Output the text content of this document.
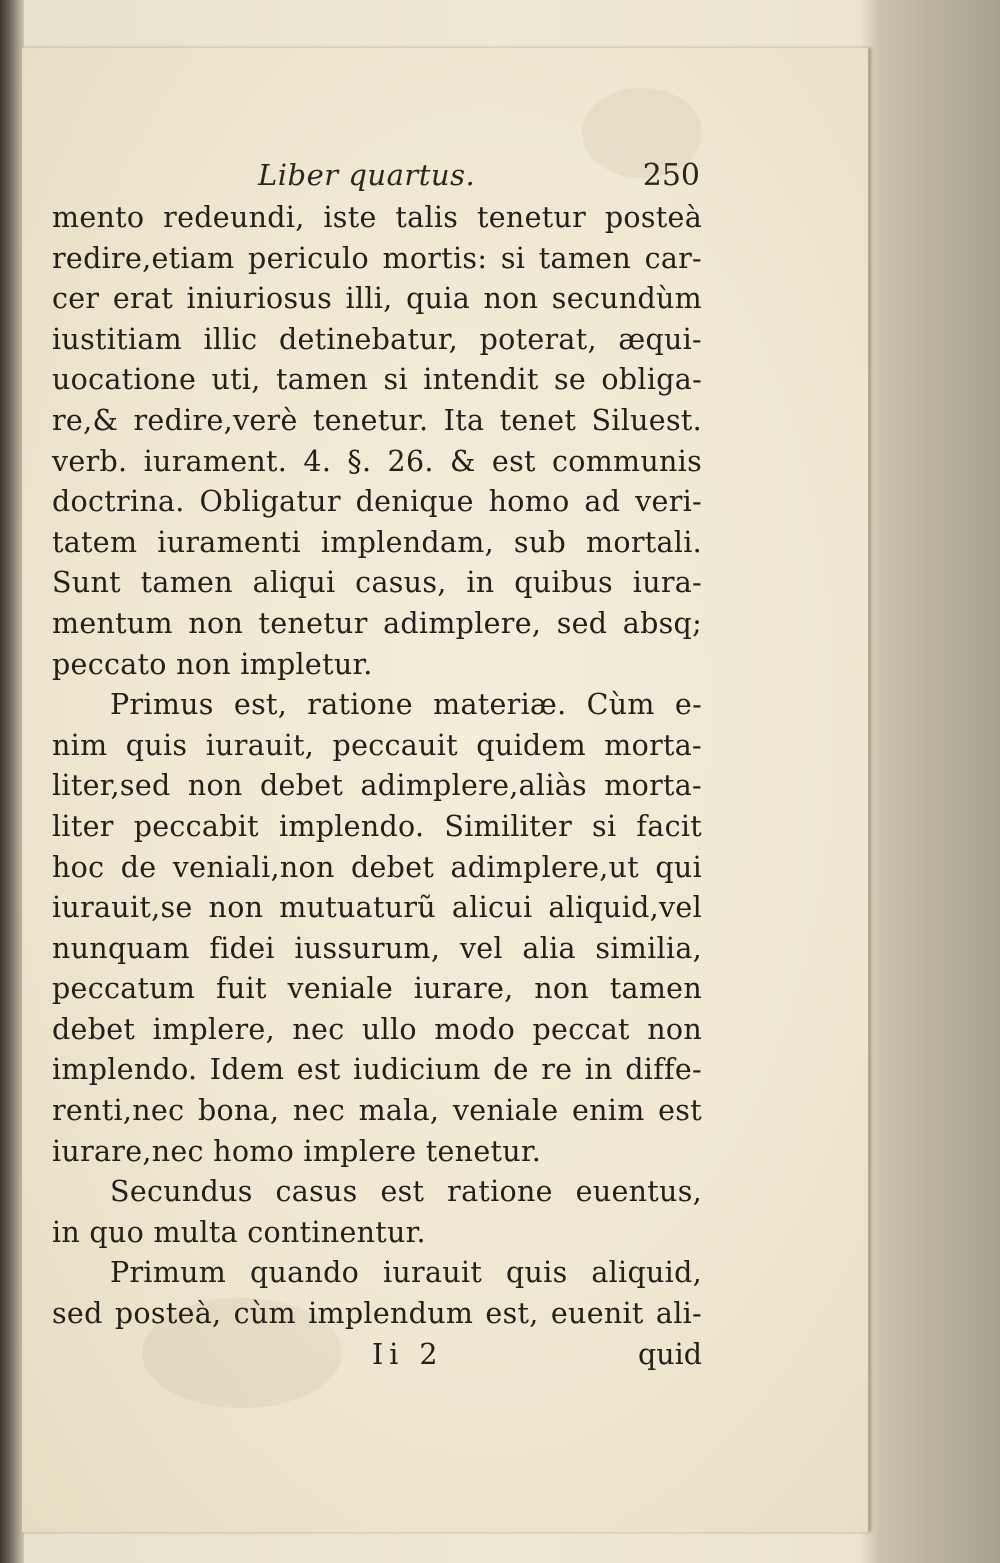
Liber quartus.	250
mento redeundi, iste talis tenetur posteà
redire,etiam periculo mortis: si tamen car-
cer erat iniuriosus illi, quia non secundùm
iustitiam illic detinebatur, poterat, æqui-
uocatione uti, tamen si intendit se obliga-
re,& redire,verè tenetur. Ita tenet Siluest.
verb. iurament. 4. §. 26. & est communis
doctrina. Obligatur denique homo ad veri-
tatem iuramenti implendam, sub mortali.
Sunt tamen aliqui casus, in quibus iura-
mentum non tenetur adimplere, sed absq;
peccato non impletur.
Primus est, ratione materiæ. Cùm e-
nim quis iurauit, peccauit quidem morta-
liter,sed non debet adimplere,aliàs morta-
liter peccabit implendo. Similiter si facit
hoc de veniali,non debet adimplere,ut qui
iurauit,se non mutuaturũ alicui aliquid,vel
nunquam fidei iussurum, vel alia similia,
peccatum fuit veniale iurare, non tamen
debet implere, nec ullo modo peccat non
implendo. Idem est iudicium de re in diffe-
renti,nec bona, nec mala, veniale enim est
iurare,nec homo implere tenetur.
Secundus casus est ratione euentus,
in quo multa continentur.
Primum quando iurauit quis aliquid,
sed posteà, cùm implendum est, euenit ali-
Ii 2	quid
